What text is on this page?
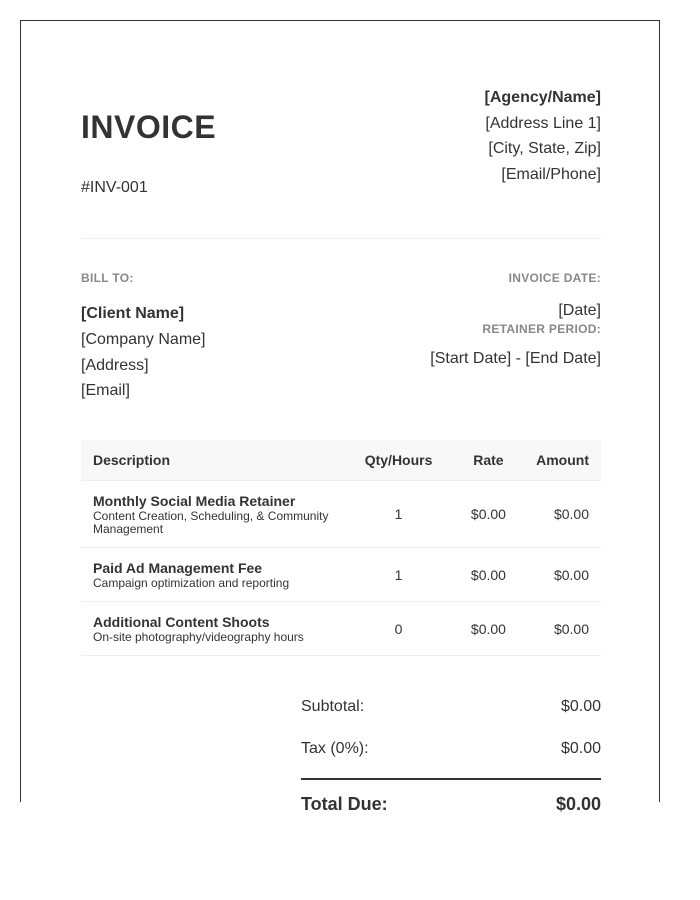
INVOICE
#INV-001
[Agency/Name]
[Address Line 1]
[City, State, Zip]
[Email/Phone]
BILL TO:
[Client Name]
[Company Name]
[Address]
[Email]
INVOICE DATE:
[Date]
RETAINER PERIOD:
[Start Date] - [End Date]
Description	Qty/Hours	Rate	Amount

Monthly Social Media Retainer
Content Creation, Scheduling, & Community Management	1	$0.00	$0.00

Paid Ad Management Fee
Campaign optimization and reporting	1	$0.00	$0.00

Additional Content Shoots
On-site photography/videography hours	0	$0.00	$0.00
Subtotal:	$0.00
Tax (0%):	$0.00
Total Due:	$0.00
